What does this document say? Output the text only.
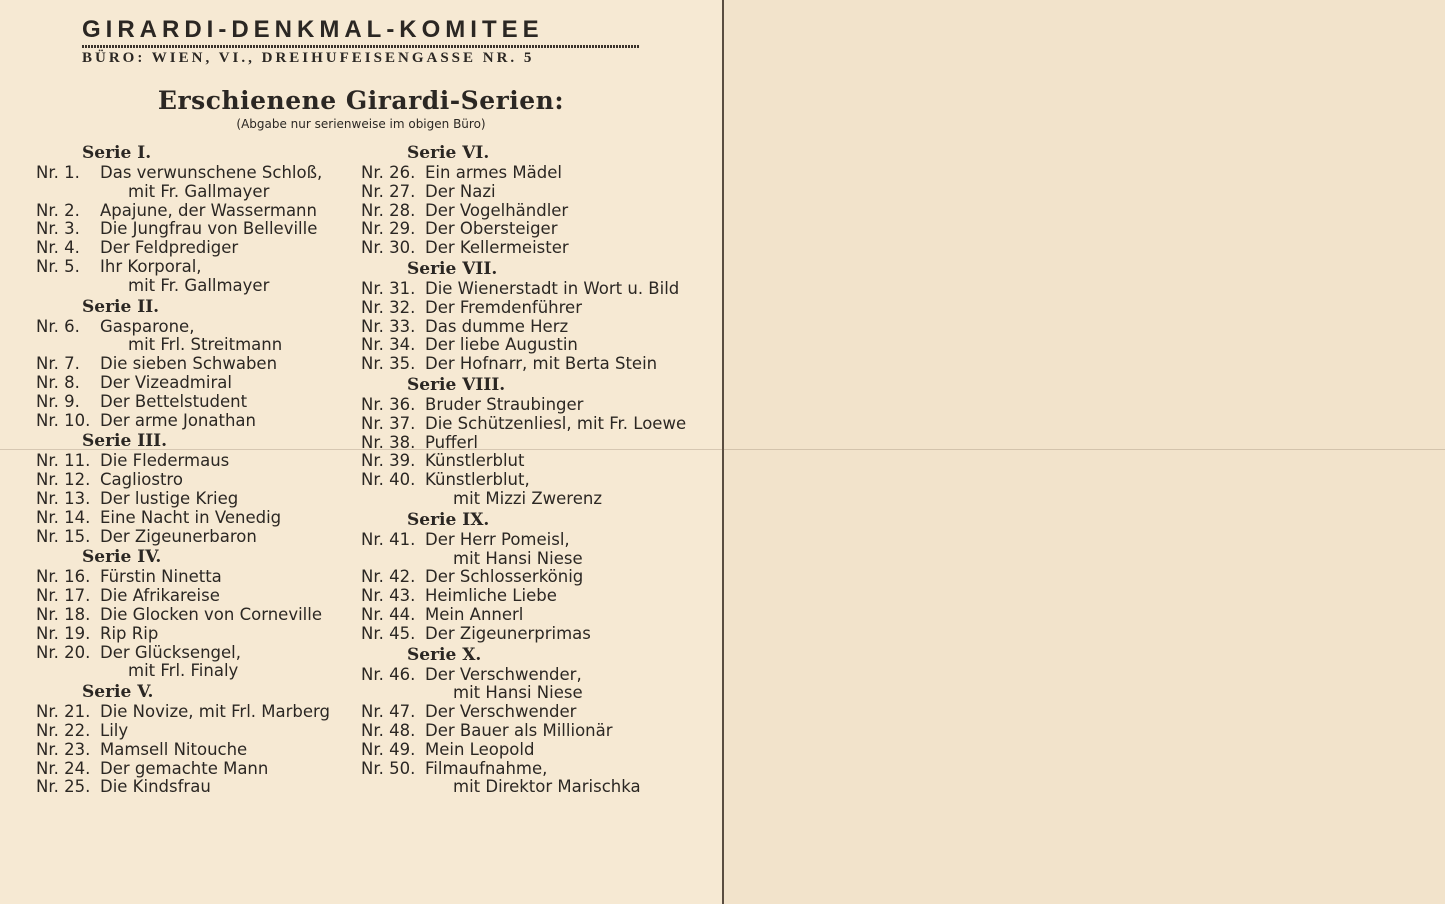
GIRARDI-DENKMAL-KOMITEE
BÜRO: WIEN, VI., DREIHUFEISENGASSE NR. 5
Erschienene Girardi-Serien:
(Abgabe nur serienweise im obigen Büro)
Serie I.
Nr. 1.	Das verwunschene Schloß,
mit Fr. Gallmayer
Nr. 2.	Apajune, der Wassermann
Nr. 3.	Die Jungfrau von Belleville
Nr. 4.	Der Feldprediger
Nr. 5.	Ihr Korporal,
mit Fr. Gallmayer
Serie II.
Nr. 6.	Gasparone,
mit Frl. Streitmann
Nr. 7.	Die sieben Schwaben
Nr. 8.	Der Vizeadmiral
Nr. 9.	Der Bettelstudent
Nr. 10. Der arme Jonathan
Serie III.
Nr. 11. Die Fledermaus
Nr. 12. Cagliostro
Nr. 13. Der lustige Krieg
Nr. 14. Eine Nacht in Venedig
Nr. 15. Der Zigeunerbaron
Serie IV.
Nr. 16. Fürstin Ninetta
Nr. 17. Die Afrikareise
Nr. 18. Die Glocken von Corneville
Nr. 19. Rip Rip
Nr. 20. Der Glücksengel,
mit Frl. Finaly
Serie V.
Nr. 21. Die Novize, mit Frl. Marberg
Nr. 22. Lily
Nr. 23. Mamsell Nitouche
Nr. 24. Der gemachte Mann
Nr. 25. Die Kindsfrau
Serie VI.
Nr. 26. Ein armes Mädel
Nr. 27. Der Nazi
Nr. 28. Der Vogelhändler
Nr. 29. Der Obersteiger
Nr. 30. Der Kellermeister
Serie VII.
Nr. 31. Die Wienerstadt in Wort u. Bild
Nr. 32. Der Fremdenführer
Nr. 33. Das dumme Herz
Nr. 34. Der liebe Augustin
Nr. 35. Der Hofnarr, mit Berta Stein
Serie VIII.
Nr. 36. Bruder Straubinger
Nr. 37. Die Schützenliesl, mit Fr. Loewe
Nr. 38. Pufferl
Nr. 39. Künstlerblut
Nr. 40. Künstlerblut,
mit Mizzi Zwerenz
Serie IX.
Nr. 41. Der Herr Pomeisl,
mit Hansi Niese
Nr. 42. Der Schlosserkönig
Nr. 43. Heimliche Liebe
Nr. 44. Mein Annerl
Nr. 45. Der Zigeunerprimas
Serie X.
Nr. 46. Der Verschwender,
mit Hansi Niese
Nr. 47. Der Verschwender
Nr. 48. Der Bauer als Millionär
Nr. 49. Mein Leopold
Nr. 50. Filmaufnahme,
mit Direktor Marischka
